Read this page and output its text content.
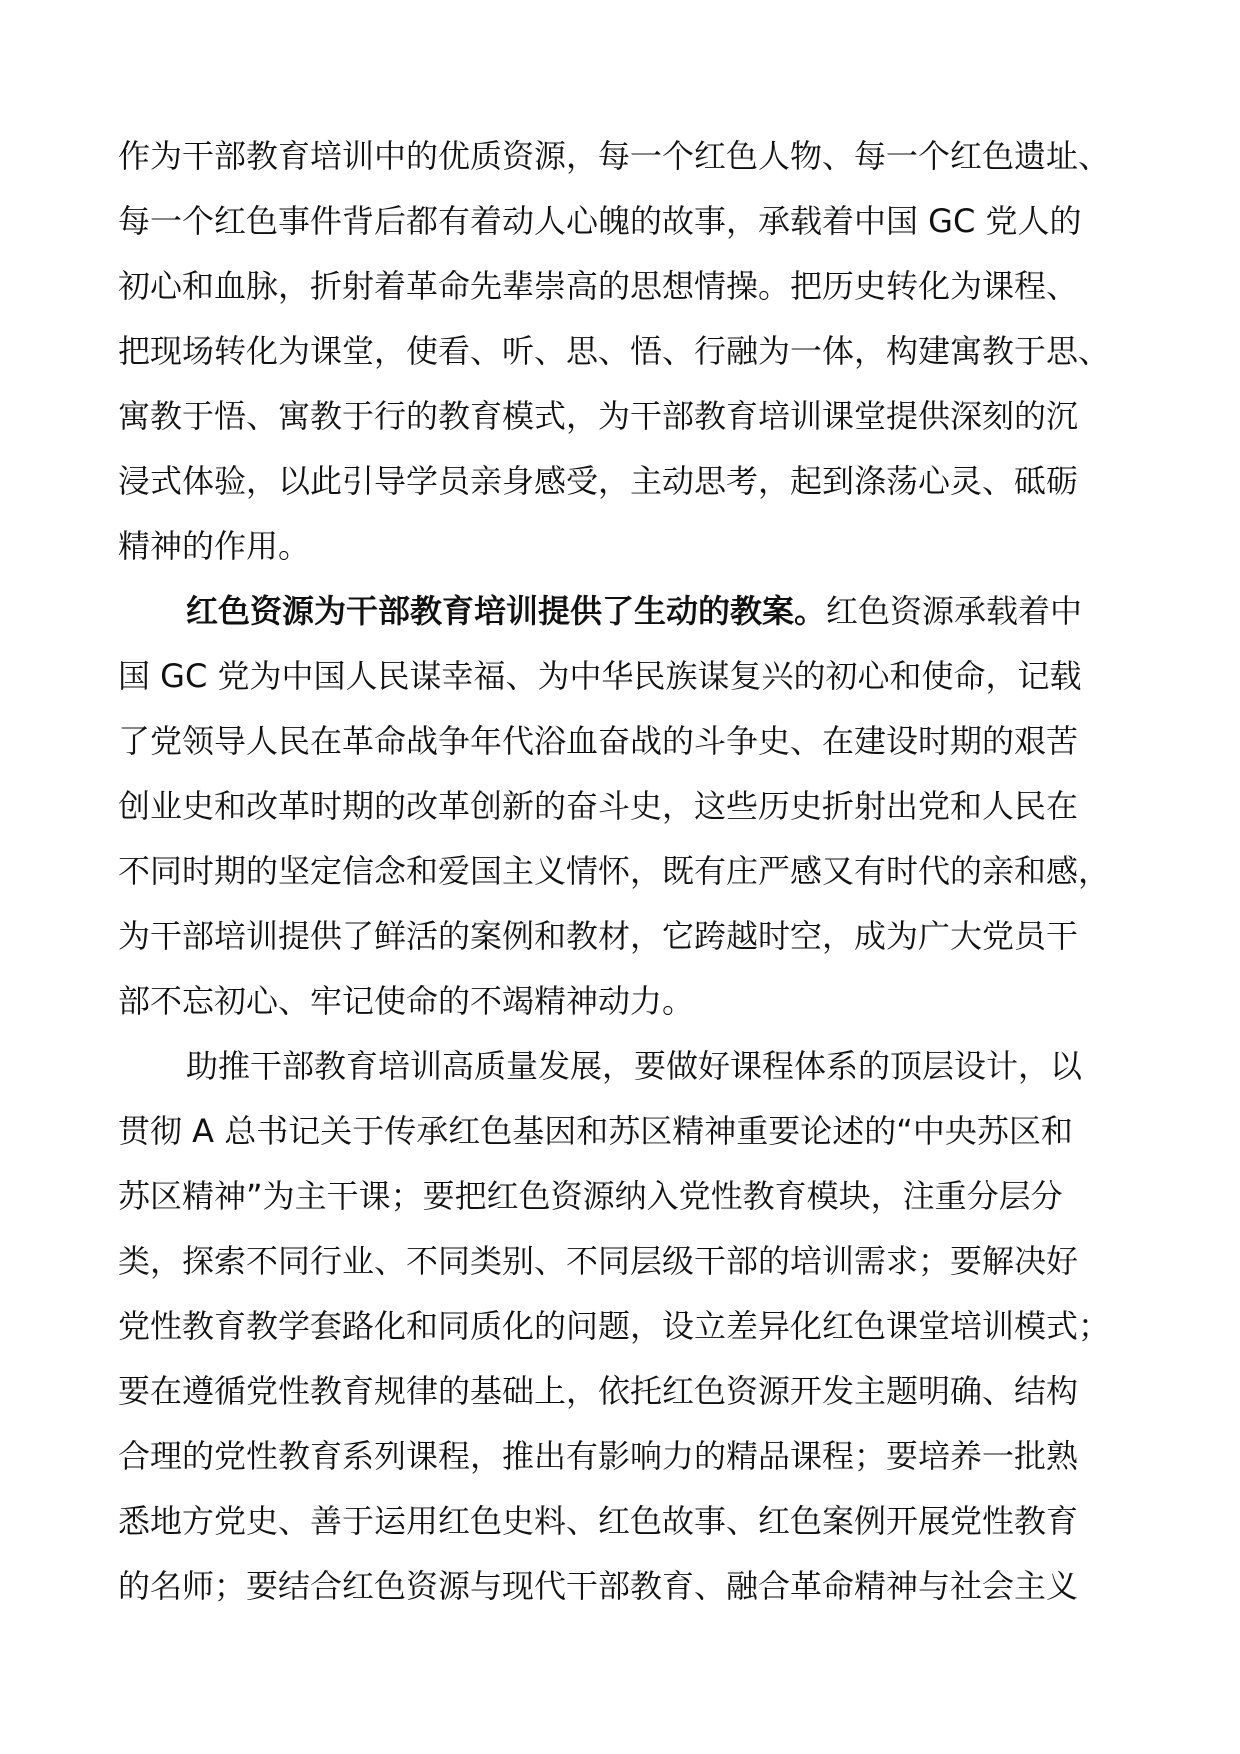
作为干部教育培训中的优质资源，每一个红色人物、每一个红色遗址、
每一个红色事件背后都有着动人心魄的故事，承载着中国 GC 党人的
初心和血脉，折射着革命先辈崇高的思想情操。把历史转化为课程、
把现场转化为课堂，使看、听、思、悟、行融为一体，构建寓教于思、
寓教于悟、寓教于行的教育模式，为干部教育培训课堂提供深刻的沉
浸式体验，以此引导学员亲身感受，主动思考，起到涤荡心灵、砥砺
精神的作用。
红色资源为干部教育培训提供了生动的教案。红色资源承载着中
国 GC 党为中国人民谋幸福、为中华民族谋复兴的初心和使命，记载
了党领导人民在革命战争年代浴血奋战的斗争史、在建设时期的艰苦
创业史和改革时期的改革创新的奋斗史，这些历史折射出党和人民在
不同时期的坚定信念和爱国主义情怀，既有庄严感又有时代的亲和感，
为干部培训提供了鲜活的案例和教材，它跨越时空，成为广大党员干
部不忘初心、牢记使命的不竭精神动力。
助推干部教育培训高质量发展，要做好课程体系的顶层设计，以
贯彻 A 总书记关于传承红色基因和苏区精神重要论述的“中央苏区和
苏区精神”为主干课；要把红色资源纳入党性教育模块，注重分层分
类，探索不同行业、不同类别、不同层级干部的培训需求；要解决好
党性教育教学套路化和同质化的问题，设立差异化红色课堂培训模式；
要在遵循党性教育规律的基础上，依托红色资源开发主题明确、结构
合理的党性教育系列课程，推出有影响力的精品课程；要培养一批熟
悉地方党史、善于运用红色史料、红色故事、红色案例开展党性教育
的名师；要结合红色资源与现代干部教育、融合革命精神与社会主义
